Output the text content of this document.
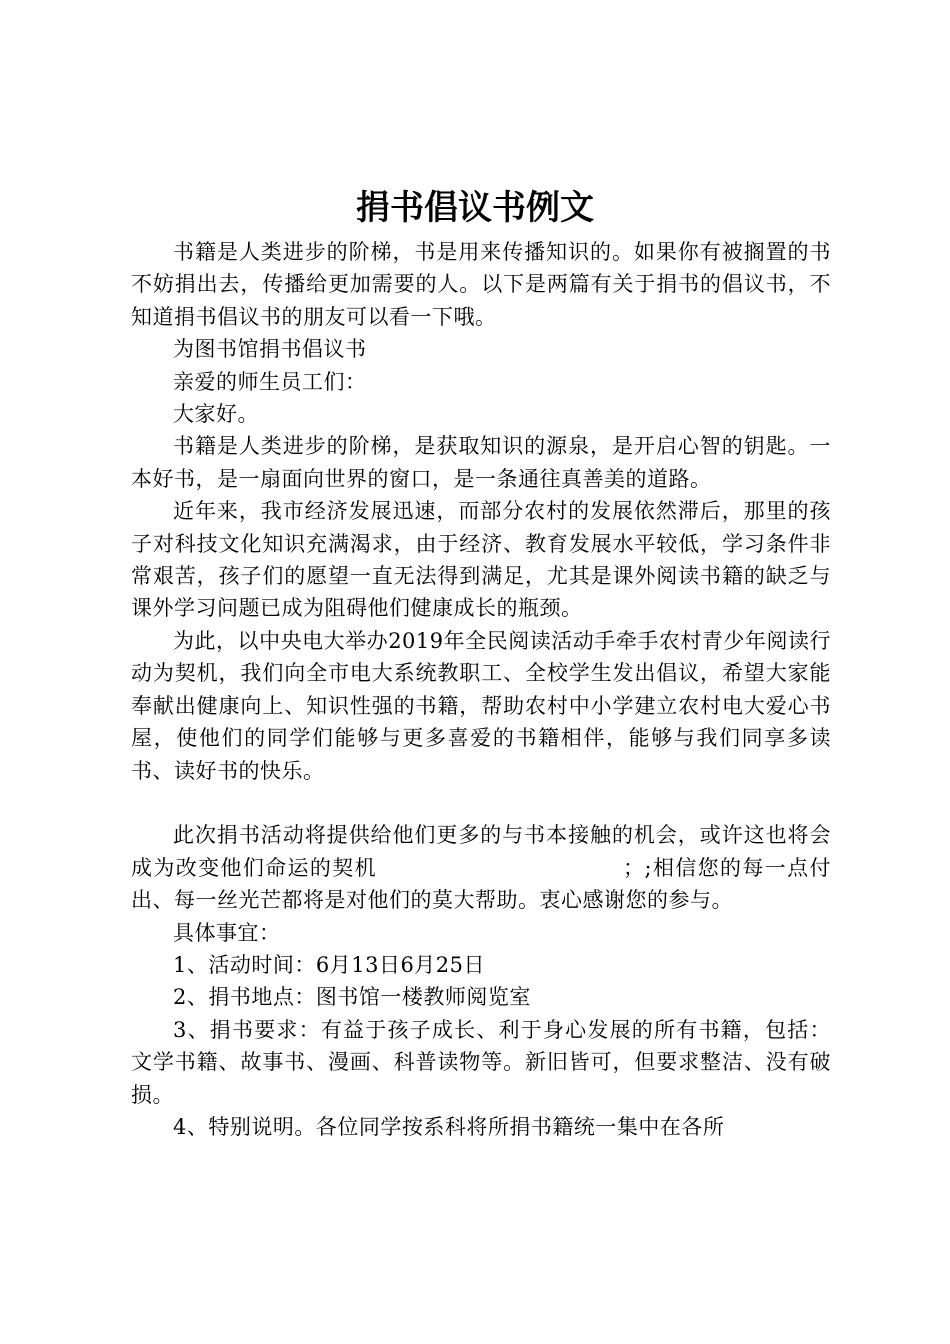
捐书倡议书例文

书籍是人类进步的阶梯，书是用来传播知识的。如果你有被搁置的书不妨捐出去，传播给更加需要的人。以下是两篇有关于捐书的倡议书，不知道捐书倡议书的朋友可以看一下哦。

为图书馆捐书倡议书

亲爱的师生员工们：

大家好。

书籍是人类进步的阶梯，是获取知识的源泉，是开启心智的钥匙。一本好书，是一扇面向世界的窗口，是一条通往真善美的道路。

近年来，我市经济发展迅速，而部分农村的发展依然滞后，那里的孩子对科技文化知识充满渴求，由于经济、教育发展水平较低，学习条件非常艰苦，孩子们的愿望一直无法得到满足，尤其是课外阅读书籍的缺乏与课外学习问题已成为阻碍他们健康成长的瓶颈。

为此，以中央电大举办2019年全民阅读活动手牵手农村青少年阅读行动为契机，我们向全市电大系统教职工、全校学生发出倡议，希望大家能奉献出健康向上、知识性强的书籍，帮助农村中小学建立农村电大爱心书屋，使他们的同学们能够与更多喜爱的书籍相伴，能够与我们同享多读书、读好书的快乐。

此次捐书活动将提供给他们更多的与书本接触的机会，或许这也将会成为改变他们命运的契机　　　　　　　　　　　；;相信您的每一点付出、每一丝光芒都将是对他们的莫大帮助。衷心感谢您的参与。

具体事宜：

1、活动时间：6月13日6月25日

2、捐书地点：图书馆一楼教师阅览室

3、捐书要求：有益于孩子成长、利于身心发展的所有书籍，包括：文学书籍、故事书、漫画、科普读物等。新旧皆可，但要求整洁、没有破损。

4、特别说明。各位同学按系科将所捐书籍统一集中在各所
